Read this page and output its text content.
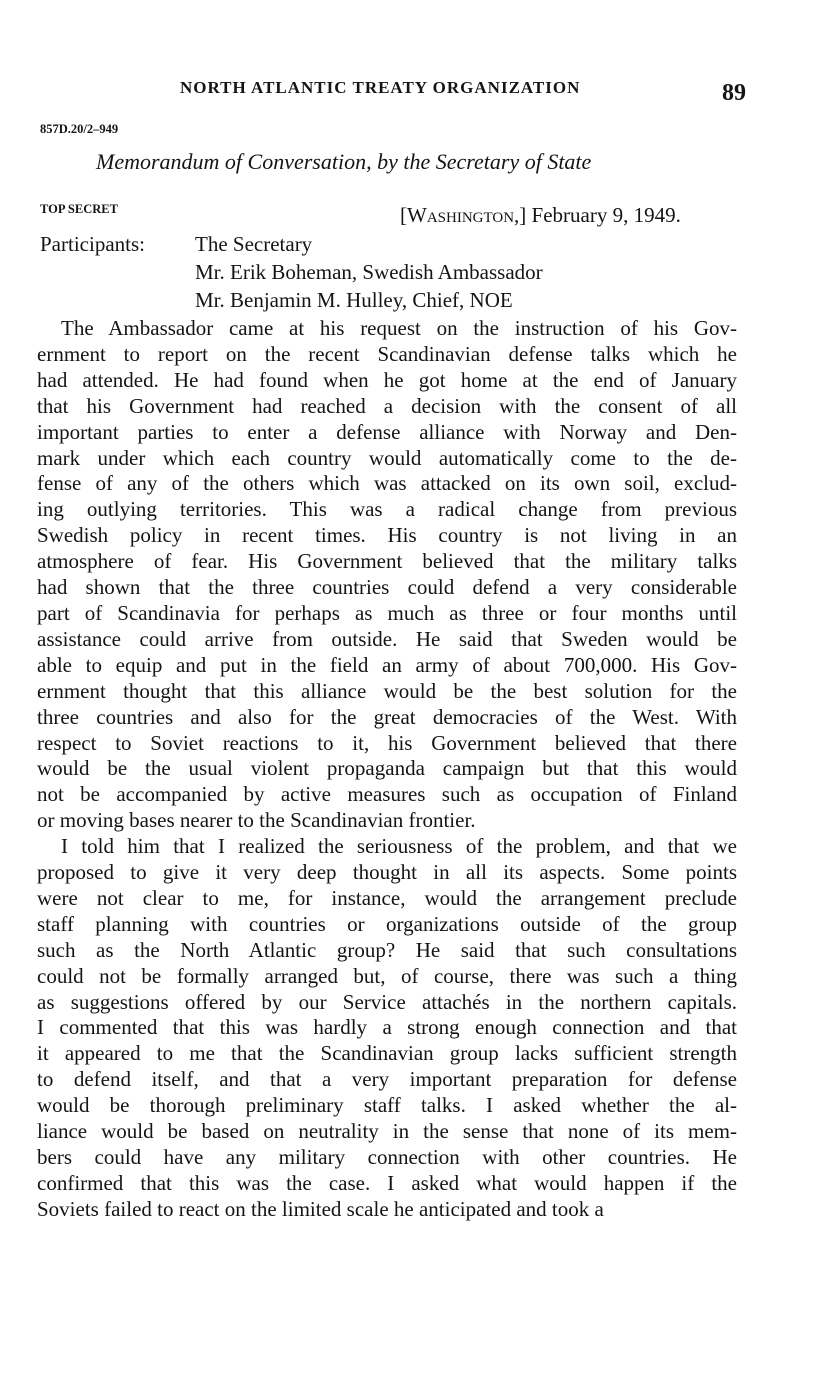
NORTH ATLANTIC TREATY ORGANIZATION	89
857D.20/2–949
Memorandum of Conversation, by the Secretary of State
TOP SECRET	[Washington,] February 9, 1949.
Participants: The Secretary
Mr. Erik Boheman, Swedish Ambassador
Mr. Benjamin M. Hulley, Chief, NOE
The Ambassador came at his request on the instruction of his Gov-
ernment to report on the recent Scandinavian defense talks which he
had attended. He had found when he got home at the end of January
that his Government had reached a decision with the consent of all
important parties to enter a defense alliance with Norway and Den-
mark under which each country would automatically come to the de-
fense of any of the others which was attacked on its own soil, exclud-
ing outlying territories. This was a radical change from previous
Swedish policy in recent times. His country is not living in an
atmosphere of fear. His Government believed that the military talks
had shown that the three countries could defend a very considerable
part of Scandinavia for perhaps as much as three or four months until
assistance could arrive from outside. He said that Sweden would be
able to equip and put in the field an army of about 700,000. His Gov-
ernment thought that this alliance would be the best solution for the
three countries and also for the great democracies of the West. With
respect to Soviet reactions to it, his Government believed that there
would be the usual violent propaganda campaign but that this would
not be accompanied by active measures such as occupation of Finland
or moving bases nearer to the Scandinavian frontier.
I told him that I realized the seriousness of the problem, and that we
proposed to give it very deep thought in all its aspects. Some points
were not clear to me, for instance, would the arrangement preclude
staff planning with countries or organizations outside of the group
such as the North Atlantic group? He said that such consultations
could not be formally arranged but, of course, there was such a thing
as suggestions offered by our Service attachés in the northern capitals.
I commented that this was hardly a strong enough connection and that
it appeared to me that the Scandinavian group lacks sufficient strength
to defend itself, and that a very important preparation for defense
would be thorough preliminary staff talks. I asked whether the al-
liance would be based on neutrality in the sense that none of its mem-
bers could have any military connection with other countries. He
confirmed that this was the case. I asked what would happen if the
Soviets failed to react on the limited scale he anticipated and took a
